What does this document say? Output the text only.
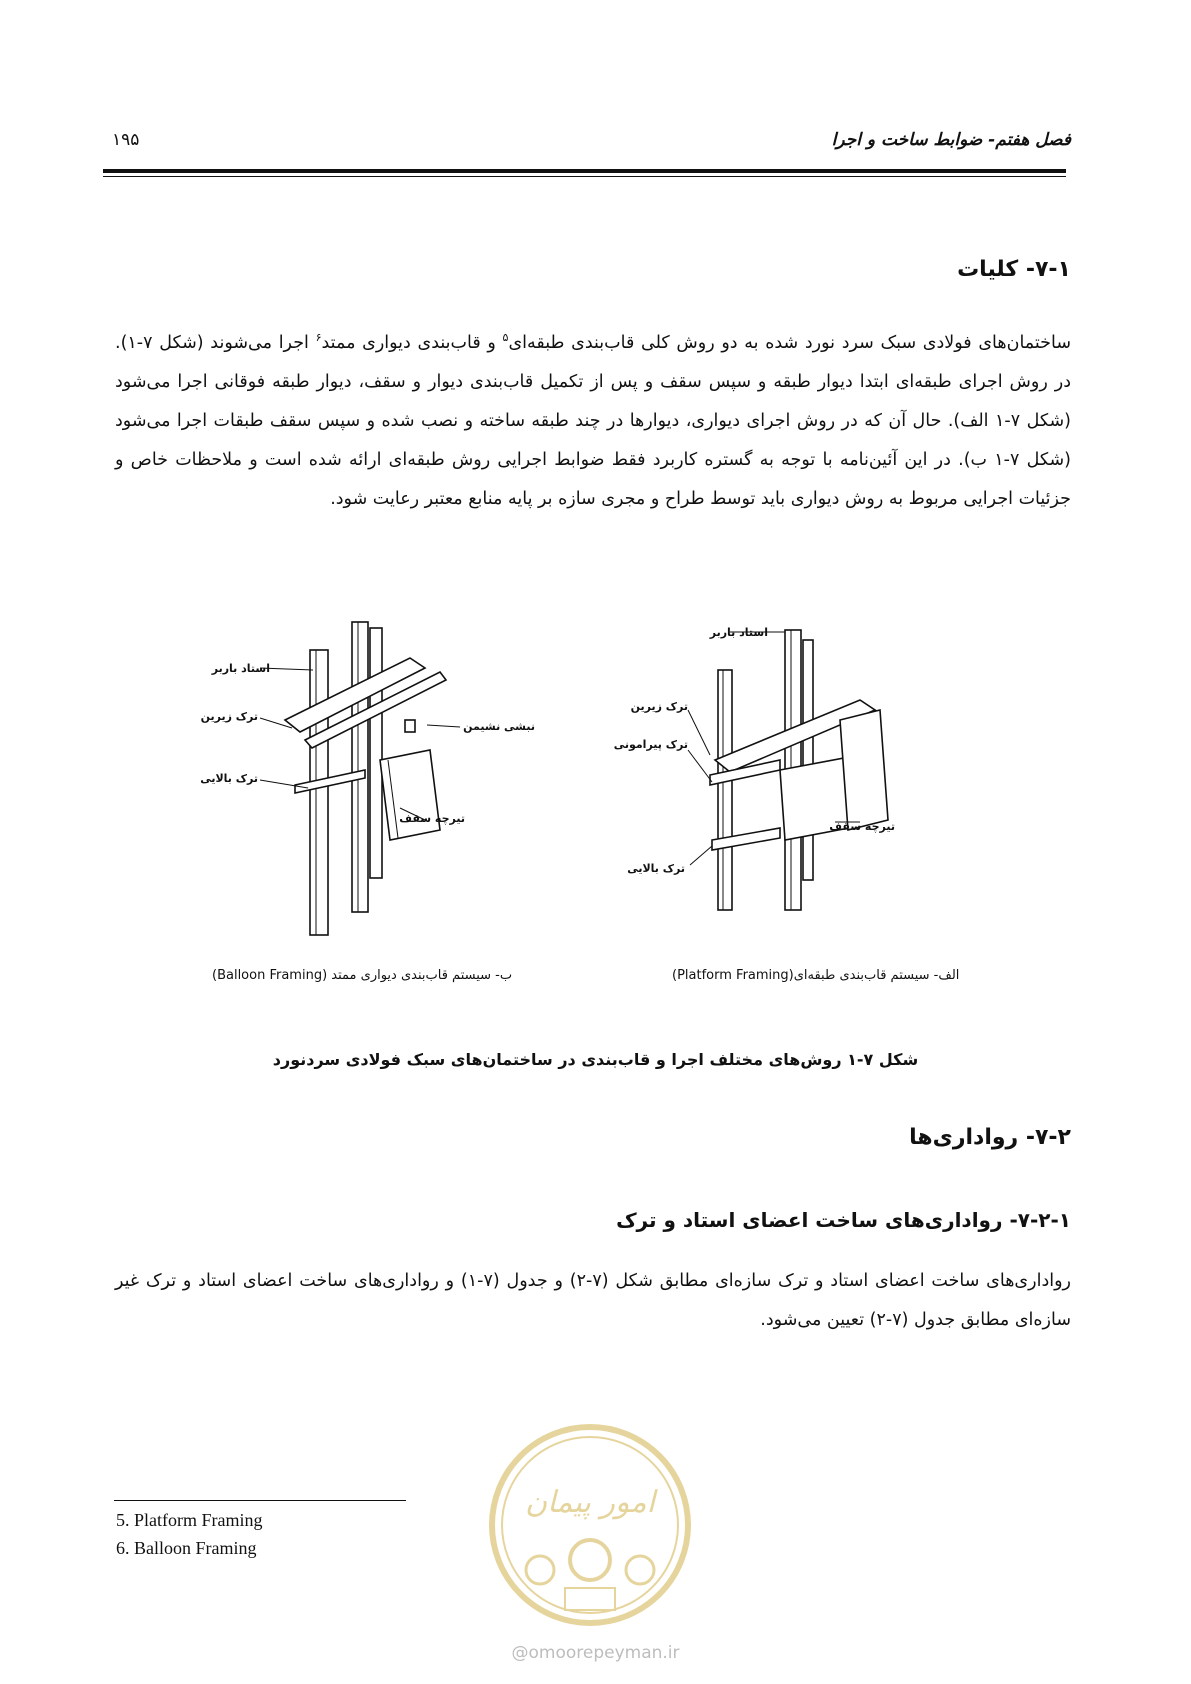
فصل هفتم- ضوابط ساخت و اجرا
۱۹۵
۷-۱- کلیات
ساختمان‌های فولادی سبک سرد نورد شده به دو روش کلی قاب‌بندی طبقه‌ای$^۵$ و قاب‌بندی دیواری ممتد$^۶$ اجرا می‌شوند (شکل ۷-۱). در روش اجرای طبقه‌ای ابتدا دیوار طبقه و سپس سقف و پس از تکمیل قاب‌بندی دیوار و سقف، دیوار طبقه فوقانی اجرا می‌شود (شکل ۷-۱ الف). حال آن که در روش اجرای دیواری، دیوارها در چند طبقه ساخته و نصب شده و سپس سقف طبقات اجرا می‌شود (شکل ۷-۱ ب). در این آئین‌نامه با توجه به گستره کاربرد فقط ضوابط اجرایی روش طبقه‌ای ارائه شده است و ملاحظات خاص و جزئیات اجرایی مربوط به روش دیواری باید توسط طراح و مجری سازه بر پایه منابع معتبر رعایت شود.
استاد باربر
ترک زیرین
نبشی نشیمن
ترک بالایی
تیرچه سقف
استاد باربر
ترک زیرین
ترک پیرامونی
تیرچه سقف
ترک بالایی
ب- سیستم قاب‌بندی دیواری ممتد (Balloon Framing)	الف- سیستم قاب‌بندی طبقه‌ای(Platform Framing)
شکل ۷-۱ روش‌های مختلف اجرا و قاب‌بندی در ساختمان‌های سبک فولادی سردنورد
۷-۲- رواداری‌ها
۷-۲-۱- رواداری‌های ساخت اعضای استاد و ترک
رواداری‌های ساخت اعضای استاد و ترک سازه‌ای مطابق شکل (۷-۲) و جدول (۷-۱) و رواداری‌های ساخت اعضای استاد و ترک غیر سازه‌ای مطابق جدول (۷-۲) تعیین می‌شود.
5. Platform Framing
6. Balloon Framing
امور پیمان
@omoorepeyman.ir
